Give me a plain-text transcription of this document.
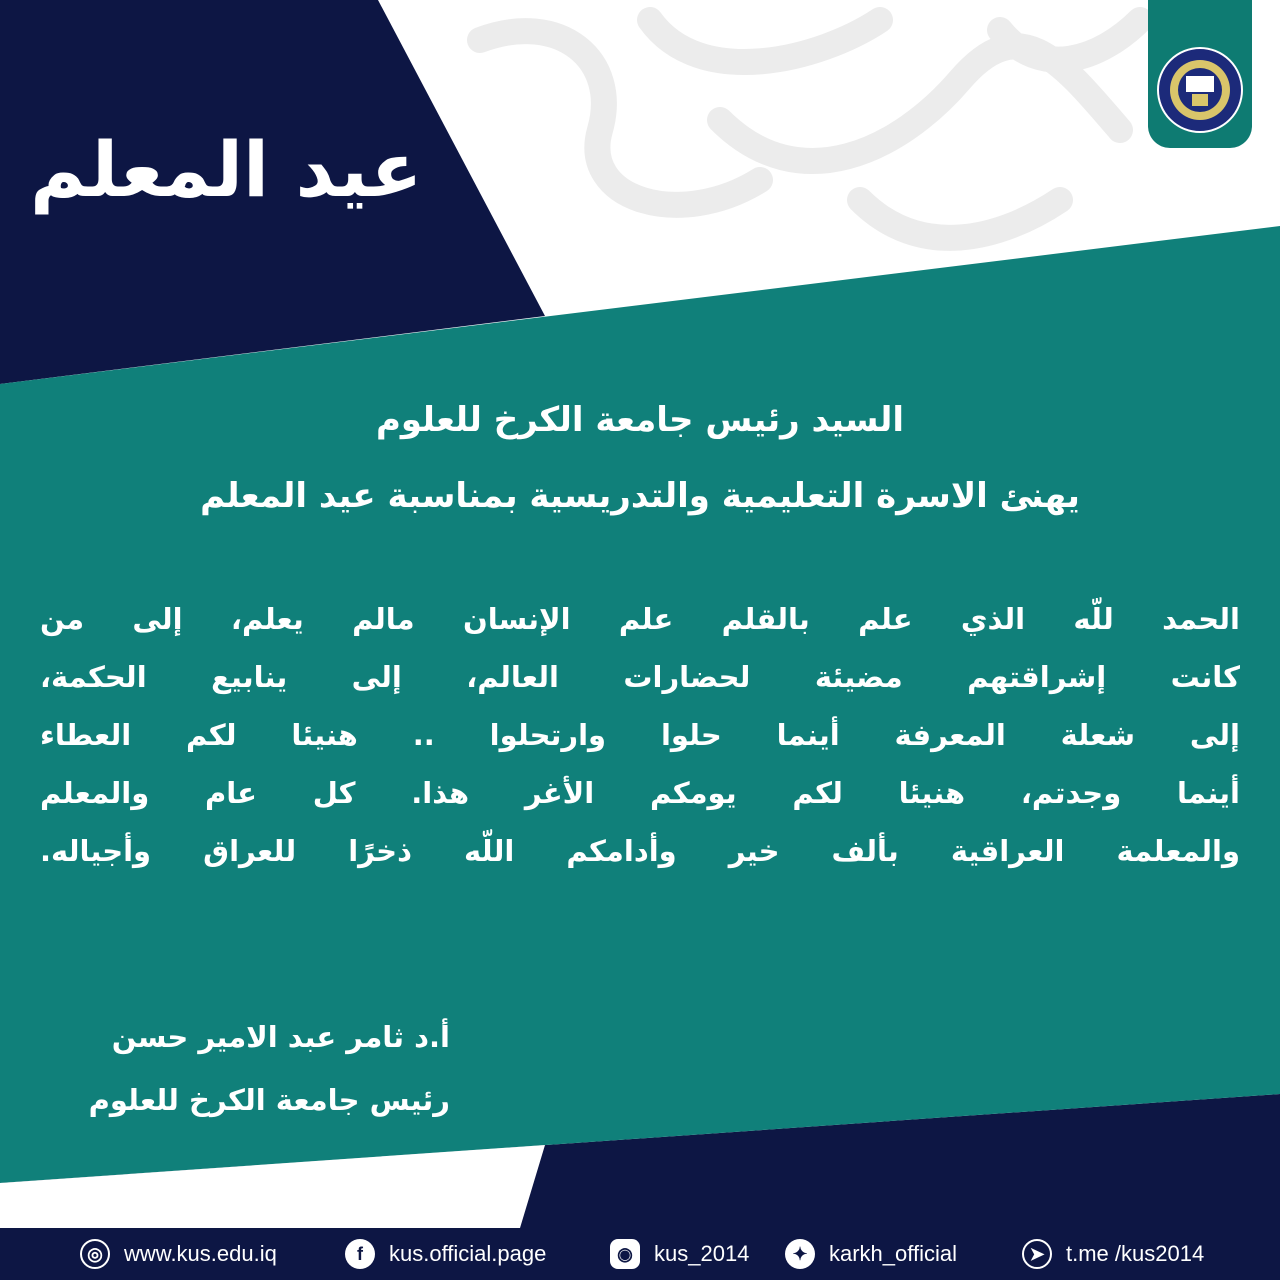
عيد المعلم
السيد رئيس جامعة الكرخ للعلوم
يهنئ الاسرة التعليمية والتدريسية بمناسبة عيد المعلم
الحمد للّه الذي علم بالقلم علم الإنسان مالم يعلم، إلى من
كانت إشراقتهم مضيئة لحضارات العالم، إلى ينابيع الحكمة،
إلى شعلة المعرفة أينما حلوا وارتحلوا .. هنيئا لكم العطاء
أينما وجدتم، هنيئا لكم يومكم الأغر هذا. كل عام والمعلم
والمعلمة العراقية بألف خير وأدامكم اللّه ذخرًا للعراق وأجياله.
أ.د ثامر عبد الامير حسن
رئيس جامعة الكرخ للعلوم
◎ www.kus.edu.iq	f	kus.official.page	◉ kus_2014	✦ karkh_official	➤ t.me /kus2014
